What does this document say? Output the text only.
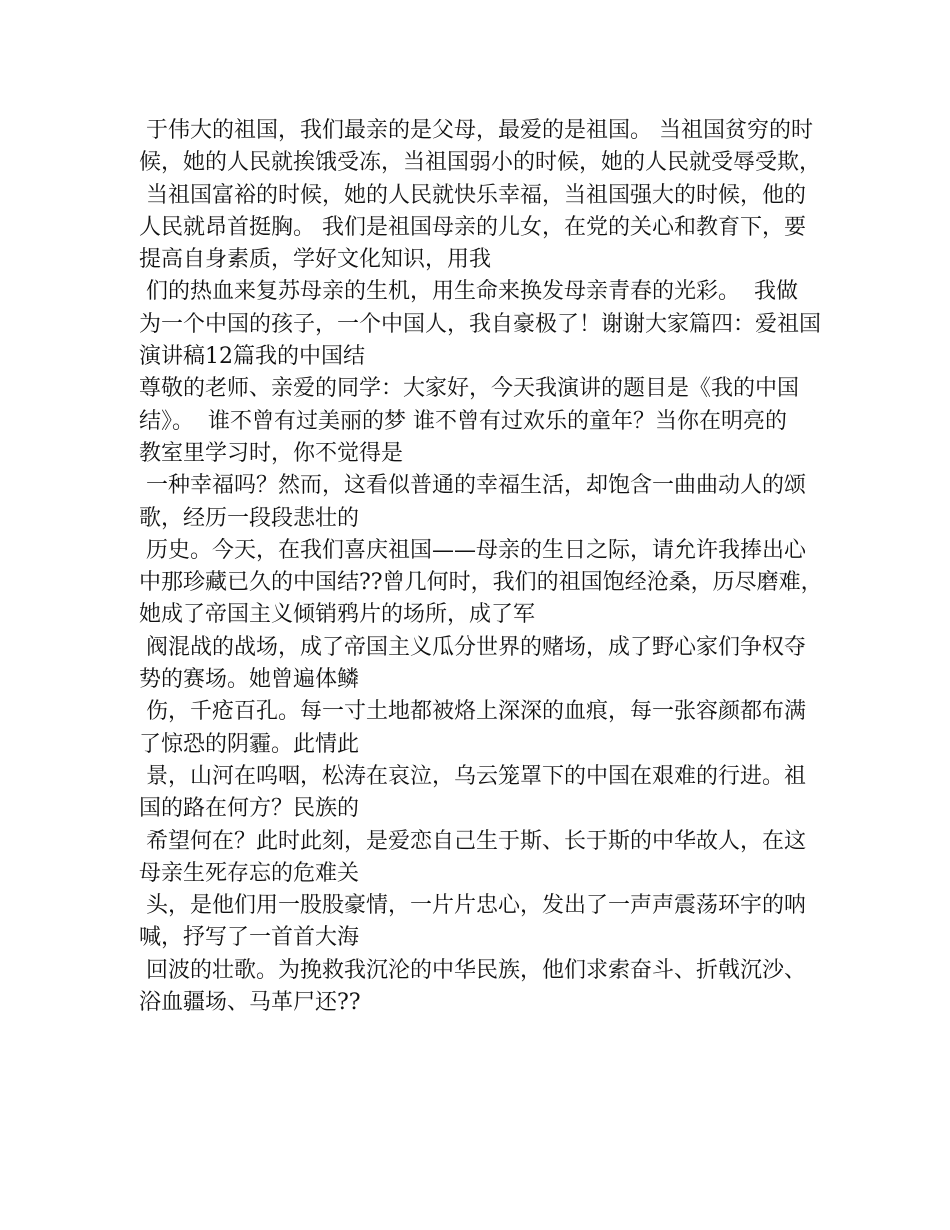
于伟大的祖国，我们最亲的是父母，最爱的是祖国。 当祖国贫穷的时
候，她的人民就挨饿受冻，当祖国弱小的时候，她的人民就受辱受欺，
当祖国富裕的时候，她的人民就快乐幸福，当祖国强大的时候，他的
人民就昂首挺胸。 我们是祖国母亲的儿女，在党的关心和教育下，要
提高自身素质，学好文化知识，用我
们的热血来复苏母亲的生机，用生命来换发母亲青春的光彩。  我做
为一个中国的孩子，一个中国人，我自豪极了！谢谢大家篇四：爱祖国
演讲稿12篇我的中国结
尊敬的老师、亲爱的同学：大家好，今天我演讲的题目是《我的中国
结》。  谁不曾有过美丽的梦 谁不曾有过欢乐的童年？当你在明亮的
教室里学习时，你不觉得是
一种幸福吗？然而，这看似普通的幸福生活，却饱含一曲曲动人的颂
歌，经历一段段悲壮的
历史。今天，在我们喜庆祖国——母亲的生日之际，请允许我捧出心
中那珍藏已久的中国结??曾几何时，我们的祖国饱经沧桑，历尽磨难，
她成了帝国主义倾销鸦片的场所，成了军
阀混战的战场，成了帝国主义瓜分世界的赌场，成了野心家们争权夺
势的赛场。她曾遍体鳞
伤，千疮百孔。每一寸土地都被烙上深深的血痕，每一张容颜都布满
了惊恐的阴霾。此情此
景，山河在呜咽，松涛在哀泣，乌云笼罩下的中国在艰难的行进。祖
国的路在何方？民族的
希望何在？此时此刻，是爱恋自己生于斯、长于斯的中华故人，在这
母亲生死存忘的危难关
头，是他们用一股股豪情，一片片忠心，发出了一声声震荡环宇的呐
喊，抒写了一首首大海
回波的壮歌。为挽救我沉沦的中华民族，他们求索奋斗、折戟沉沙、
浴血疆场、马革尸还??
